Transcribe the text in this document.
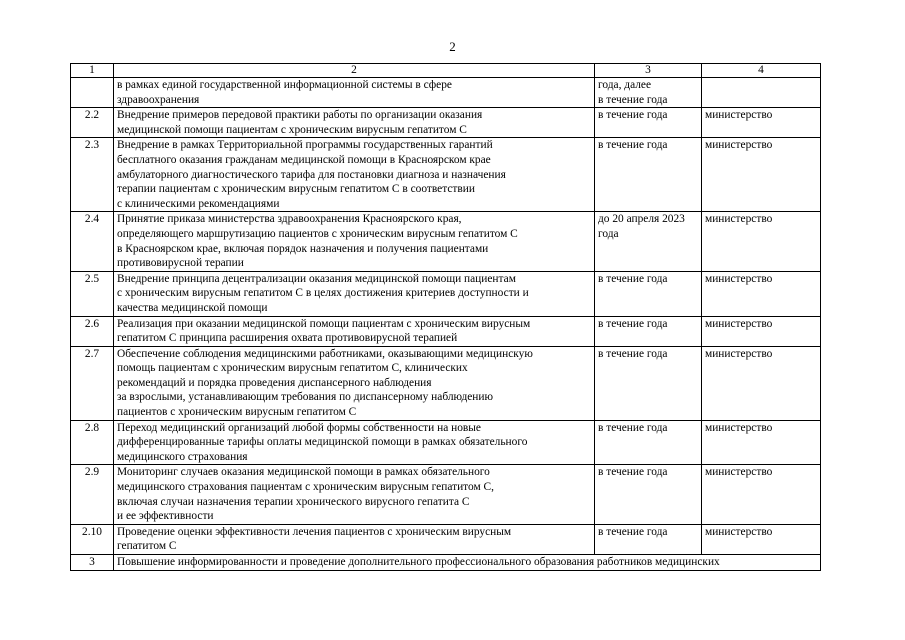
2
1	2	3	4

	в рамках единой государственной информационной системы в сфере
здравоохранения	года, далее
в течение года	

2.2	Внедрение примеров передовой практики работы по организации оказания
медицинской помощи пациентам с хроническим вирусным гепатитом С	в течение года	министерство
2.3	Внедрение в рамках Территориальной программы государственных гарантий
бесплатного оказания гражданам медицинской помощи в Красноярском крае
амбулаторного диагностического тарифа для постановки диагноза и назначения
терапии пациентам с хроническим вирусным гепатитом С в соответствии
с клиническими рекомендациями	в течение года	министерство
2.4	Принятие приказа министерства здравоохранения Красноярского края,
определяющего маршрутизацию пациентов с хроническим вирусным гепатитом С
в Красноярском крае, включая порядок назначения и получения пациентами
противовирусной терапии	до 20 апреля 2023
года	министерство
2.5	Внедрение принципа децентрализации оказания медицинской помощи пациентам
с хроническим вирусным гепатитом С в целях достижения критериев доступности и
качества медицинской помощи	в течение года	министерство
2.6	Реализация при оказании медицинской помощи пациентам с хроническим вирусным
гепатитом С принципа расширения охвата противовирусной терапией	в течение года	министерство
2.7	Обеспечение соблюдения медицинскими работниками, оказывающими медицинскую
помощь пациентам с хроническим вирусным гепатитом С, клинических
рекомендаций и порядка проведения диспансерного наблюдения
за взрослыми, устанавливающим требования по диспансерному наблюдению
пациентов с хроническим вирусным гепатитом С	в течение года	министерство
2.8	Переход медицинский организаций любой формы собственности на новые
дифференцированные тарифы оплаты медицинской помощи в рамках обязательного
медицинского страхования	в течение года	министерство
2.9	Мониторинг случаев оказания медицинской помощи в рамках обязательного
медицинского страхования пациентам с хроническим вирусным гепатитом С,
включая случаи назначения терапии хронического вирусного гепатита С
и ее эффективности	в течение года	министерство
2.10	Проведение оценки эффективности лечения пациентов с хроническим вирусным
гепатитом С	в течение года	министерство
3	Повышение информированности и проведение дополнительного профессионального образования работников медицинских		
